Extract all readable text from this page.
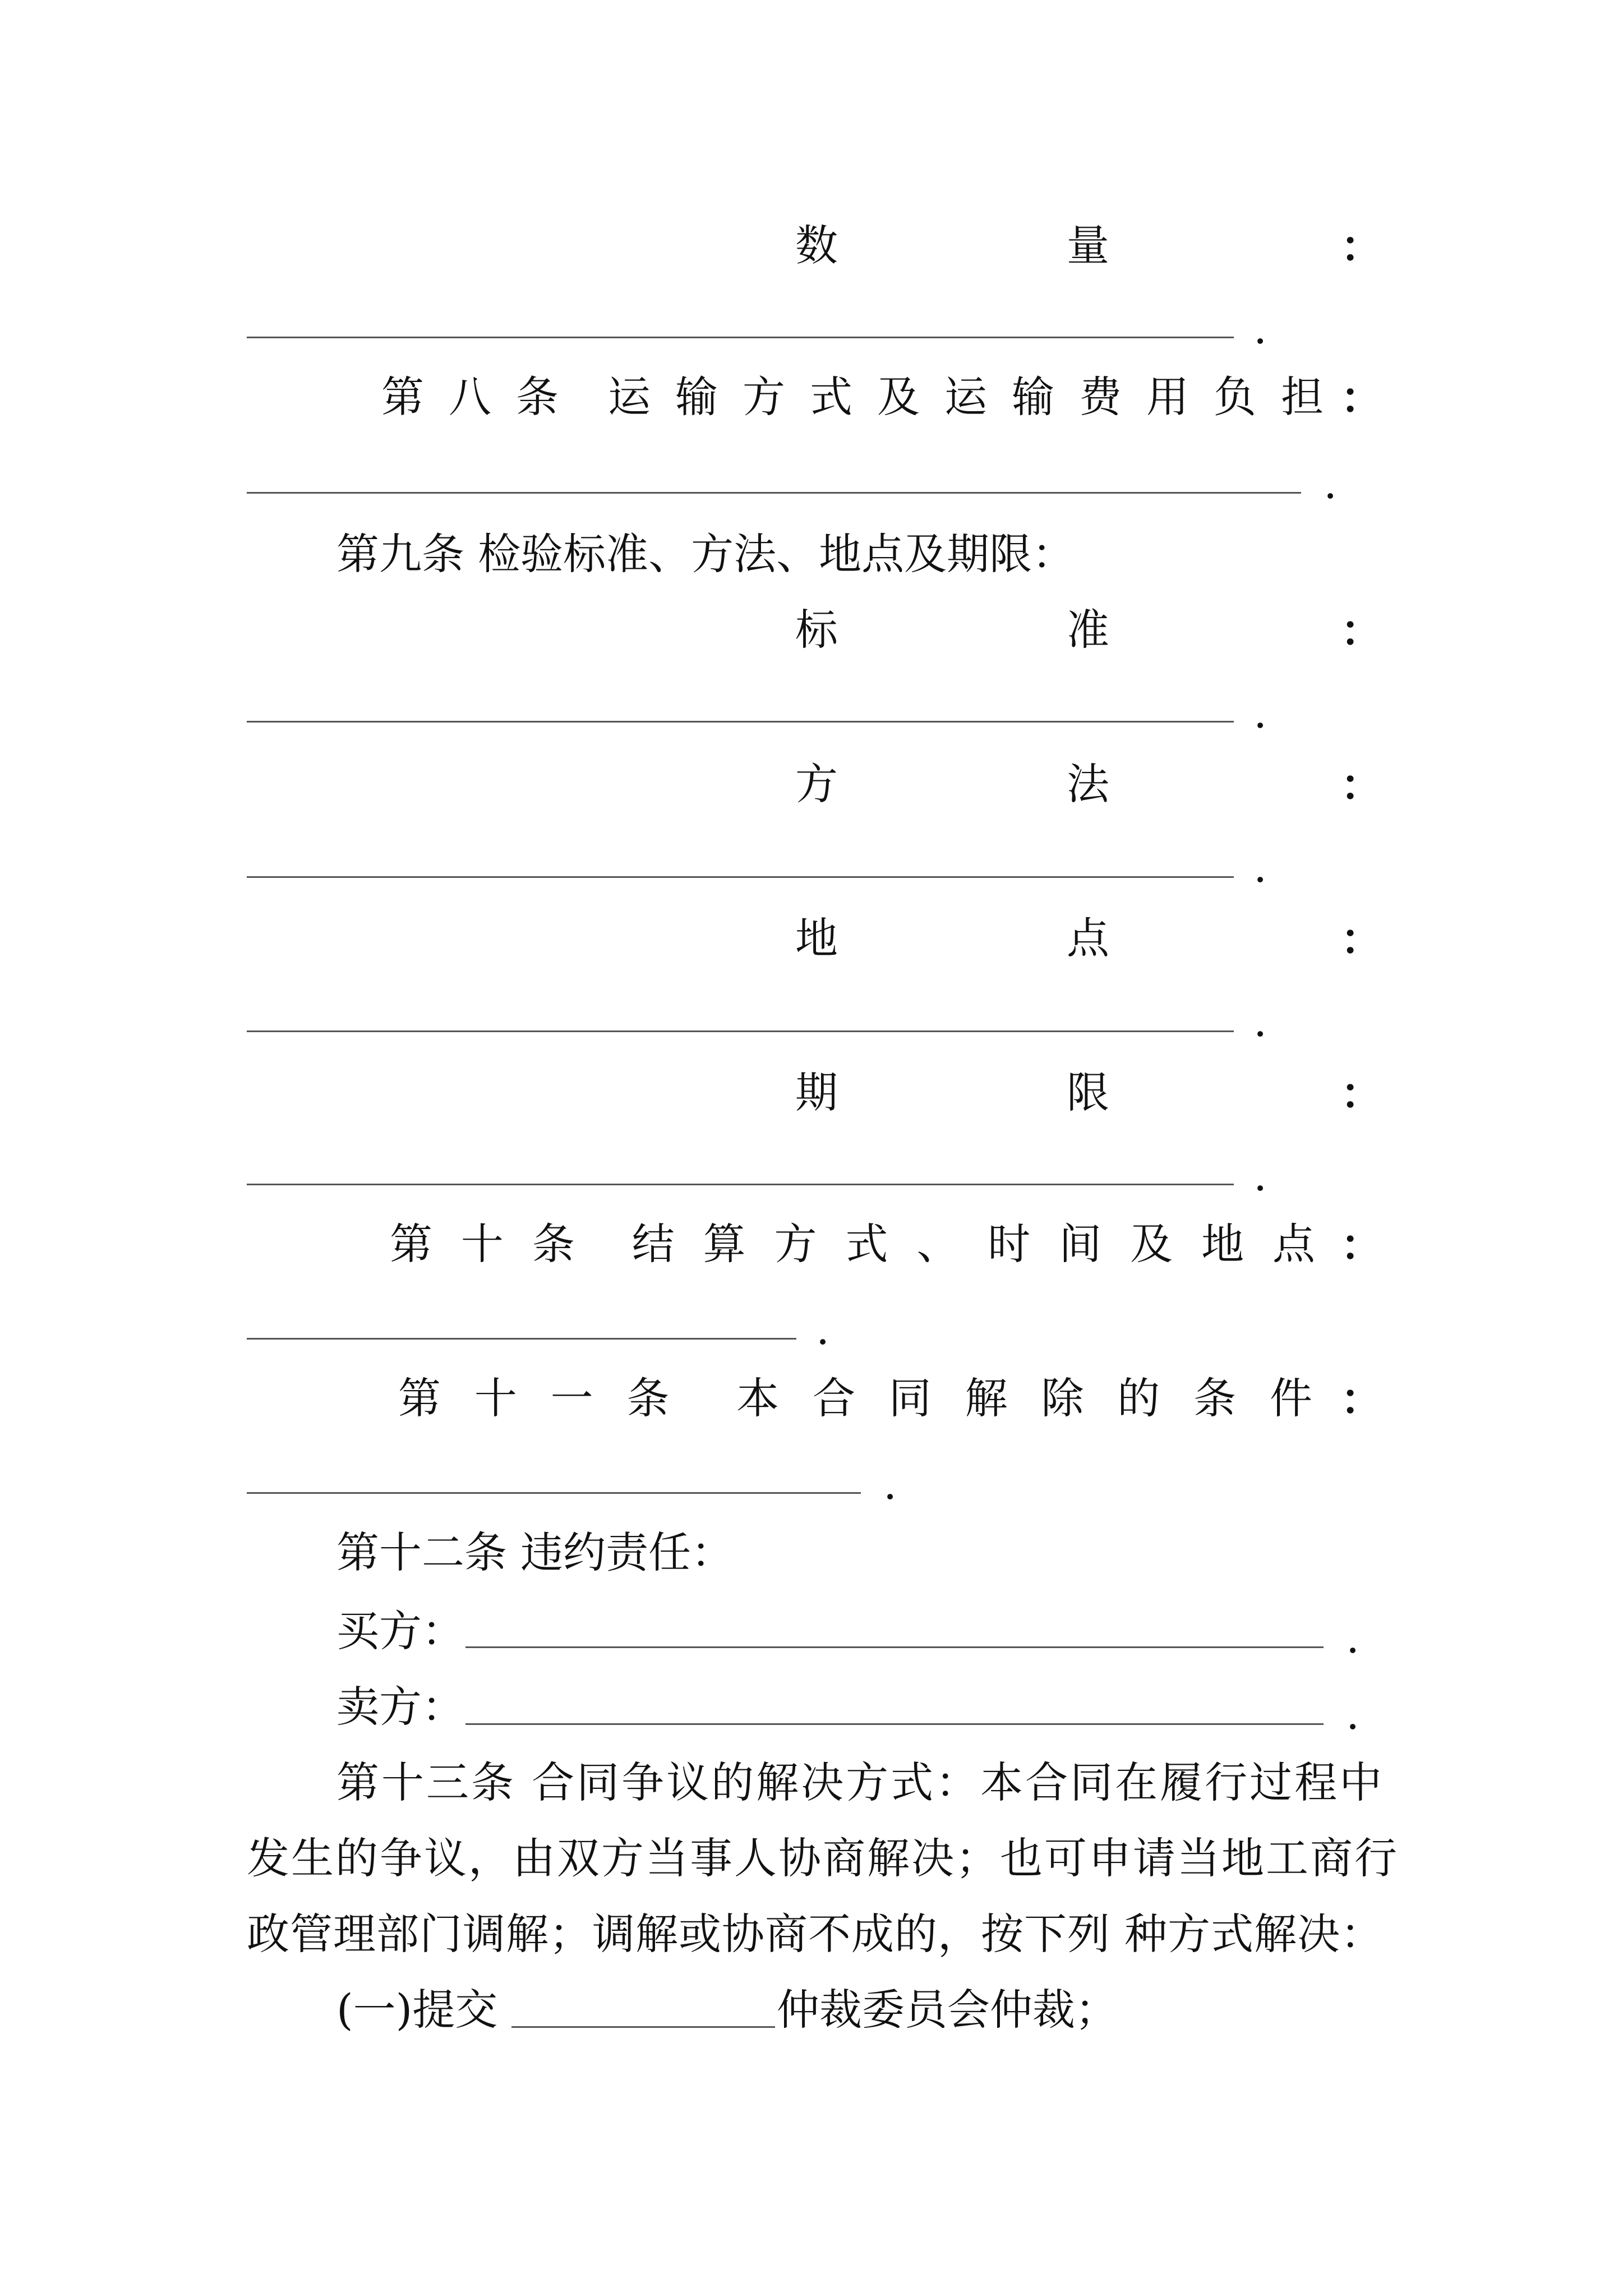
数	量	：
.
第 八 条 运 输 方 式 及 运 输 费 用 负 担 ：
.
第九条 检验标准、方法、地点及期限：
标	准	：
.
方	法	：
.
地	点	：
.
期	限	：
.
第 十 条 结 算 方 式 、 时 间 及 地 点 ：
.
第 十 一 条 本 合 同 解 除 的 条 件 ：
.
第十二条 违约责任：
买方：	.
卖方：	.
第十三条 合同争议的解决方式：本合同在履行过程中
发生的争议，由双方当事人协商解决；也可申请当地工商行
政管理部门调解；调解或协商不成的，按下列 种方式解决：
(一)提交	仲裁委员会仲裁；
